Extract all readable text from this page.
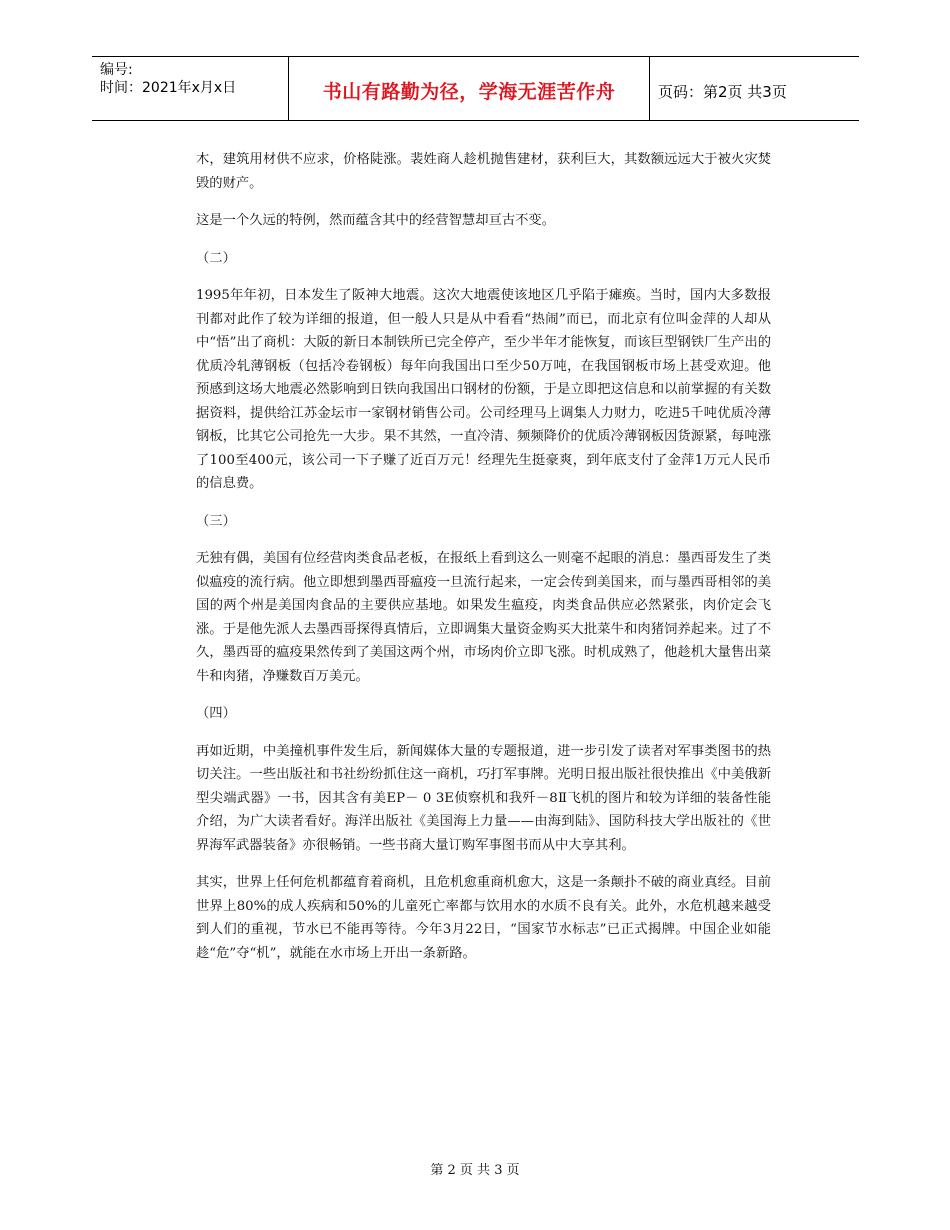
编号:
时间：2021年x月x日	书山有路勤为径，学海无涯苦作舟	页码：第2页 共3页

木，建筑用材供不应求，价格陡涨。裴姓商人趁机抛售建材，获利巨大，其数额远远大于被火灾焚毁的财产。

这是一个久远的特例，然而蕴含其中的经营智慧却亘古不变。

（二）

1995年年初，日本发生了阪神大地震。这次大地震使该地区几乎陷于瘫痪。当时，国内大多数报刊都对此作了较为详细的报道，但一般人只是从中看看“热闹”而已，而北京有位叫金萍的人却从中“悟”出了商机：大阪的新日本制铁所已完全停产，至少半年才能恢复，而该巨型钢铁厂生产出的优质冷轧薄钢板（包括冷卷钢板）每年向我国出口至少50万吨，在我国钢板市场上甚受欢迎。他预感到这场大地震必然影响到日铁向我国出口钢材的份额，于是立即把这信息和以前掌握的有关数据资料，提供给江苏金坛市一家钢材销售公司。公司经理马上调集人力财力，吃进5千吨优质冷薄钢板，比其它公司抢先一大步。果不其然，一直冷清、频频降价的优质冷薄钢板因货源紧，每吨涨了100至400元，该公司一下子赚了近百万元！经理先生挺豪爽，到年底支付了金萍1万元人民币的信息费。

（三）

无独有偶，美国有位经营肉类食品老板，在报纸上看到这么一则毫不起眼的消息：墨西哥发生了类似瘟疫的流行病。他立即想到墨西哥瘟疫一旦流行起来，一定会传到美国来，而与墨西哥相邻的美国的两个州是美国肉食品的主要供应基地。如果发生瘟疫，肉类食品供应必然紧张，肉价定会飞涨。于是他先派人去墨西哥探得真情后，立即调集大量资金购买大批菜牛和肉猪饲养起来。过了不久，墨西哥的瘟疫果然传到了美国这两个州，市场肉价立即飞涨。时机成熟了，他趁机大量售出菜牛和肉猪，净赚数百万美元。

（四）

再如近期，中美撞机事件发生后，新闻媒体大量的专题报道，进一步引发了读者对军事类图书的热切关注。一些出版社和书社纷纷抓住这一商机，巧打军事牌。光明日报出版社很快推出《中美俄新型尖端武器》一书，因其含有美EP－ 0 3E侦察机和我歼－8Ⅱ飞机的图片和较为详细的装备性能介绍，为广大读者看好。海洋出版社《美国海上力量——由海到陆》、国防科技大学出版社的《世界海军武器装备》亦很畅销。一些书商大量订购军事图书而从中大享其利。

其实，世界上任何危机都蕴育着商机，且危机愈重商机愈大，这是一条颠扑不破的商业真经。目前世界上80%的成人疾病和50%的儿童死亡率都与饮用水的水质不良有关。此外，水危机越来越受到人们的重视，节水已不能再等待。今年3月22日，“国家节水标志”已正式揭牌。中国企业如能趁“危”夺“机”，就能在水市场上开出一条新路。

第 2 页 共 3 页
